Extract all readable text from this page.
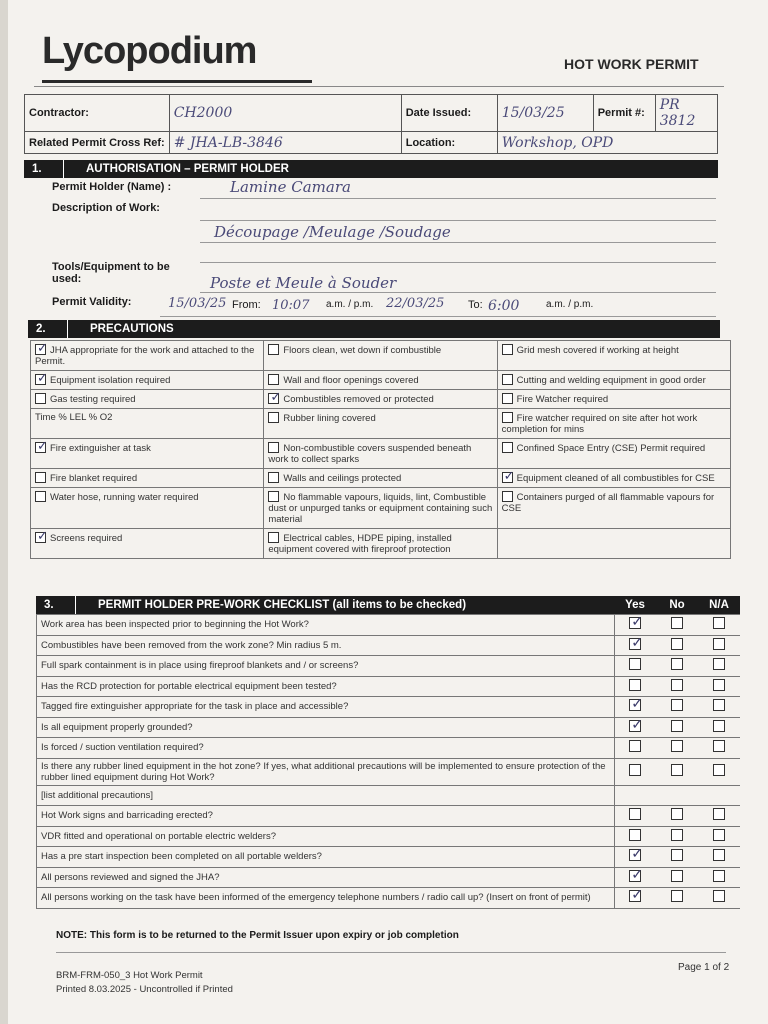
Lycopodium	HOT WORK PERMIT
Contractor:	CH2000	Date Issued:	15/03/25	Permit #:	PR 3812
Related Permit Cross Ref:	# JHA-LB-3846	Location:	Workshop, OPD		
1.	AUTHORISATION – PERMIT HOLDER
Permit Holder (Name) :	Lamine Camara
Description of Work:
Découpage /Meulage /Soudage
Tools/Equipment to be used:	Poste et Meule à Souder
Permit Validity:	15/03/25 From: 10:07 a.m. / p.m. 22/03/25 To: 6:00	a.m. / p.m.
2.	PRECAUTIONS
✓JHA appropriate for the work and attached to the Permit.	Floors clean, wet down if combustible	Grid mesh covered if working at height
✓Equipment isolation required	Wall and floor openings covered	Cutting and welding equipment in good order
Gas testing required	✓Combustibles removed or protected	Fire Watcher required
Time % LEL % O2	Rubber lining covered	Fire watcher required on site after hot work completion for mins
✓Fire extinguisher at task	Non-combustible covers suspended beneath work to collect sparks	Confined Space Entry (CSE) Permit required
Fire blanket required	Walls and ceilings protected	✓Equipment cleaned of all combustibles for CSE
Water hose, running water required	No flammable vapours, liquids, lint, Combustible dust or unpurged tanks or equipment containing such material	Containers purged of all flammable vapours for CSE
✓Screens required	Electrical cables, HDPE piping, installed equipment covered with fireproof protection	
3.	PERMIT HOLDER PRE-WORK CHECKLIST (all items to be checked)	Yes	No	N/A
Work area has been inspected prior to beginning the Hot Work?	✓		
Combustibles have been removed from the work zone? Min radius 5 m.	✓		
Full spark containment is in place using fireproof blankets and / or screens?			
Has the RCD protection for portable electrical equipment been tested?			
Tagged fire extinguisher appropriate for the task in place and accessible?	✓		
Is all equipment properly grounded?	✓		
Is forced / suction ventilation required?			
Is there any rubber lined equipment in the hot zone? If yes, what additional precautions will be implemented to ensure protection of the rubber lined equipment during Hot Work?			
[list additional precautions]			
Hot Work signs and barricading erected?			
VDR fitted and operational on portable electric welders?			
Has a pre start inspection been completed on all portable welders?	✓		
All persons reviewed and signed the JHA?	✓		
All persons working on the task have been informed of the emergency telephone numbers / radio call up? (Insert on front of permit)	✓		
NOTE: This form is to be returned to the Permit Issuer upon expiry or job completion
BRM-FRM-050_3 Hot Work Permit
Printed 8.03.2025 - Uncontrolled if Printed
Page 1 of 2
